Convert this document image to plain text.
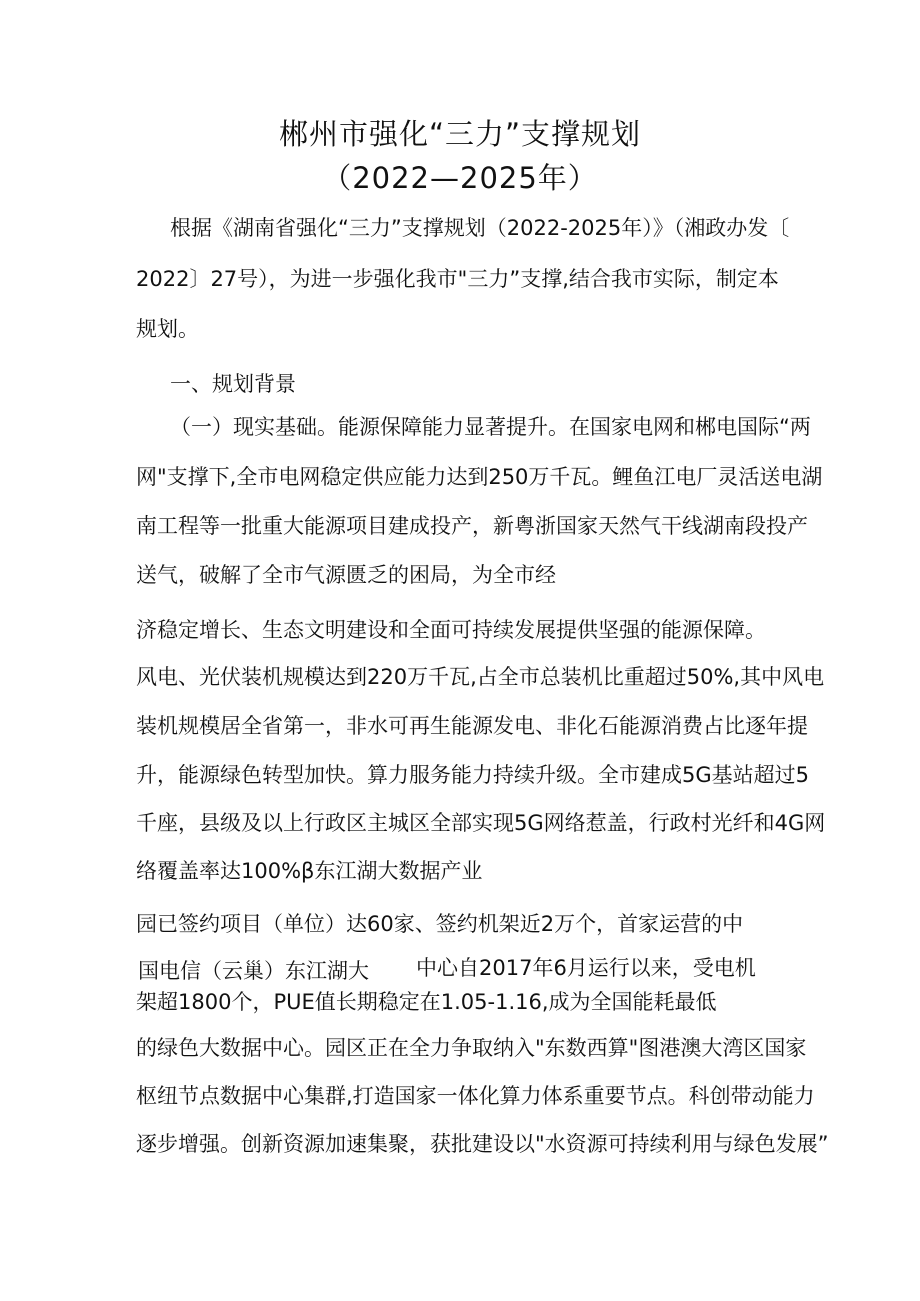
郴州市强化“三力”支撑规划
（2022—2025年）
根据《湖南省强化“三力”支撑规划（2022-2025年）》（湘政办发〔
2022〕27号），为进一步强化我市"三力”支撑,结合我市实际，制定本
规划。
一、规划背景
（一）现实基础。能源保障能力显著提升。在国家电网和郴电国际“两
网"支撑下,全市电网稳定供应能力达到250万千瓦。鲤鱼江电厂灵活送电湖
南工程等一批重大能源项目建成投产，新粤浙国家天然气干线湖南段投产
送气，破解了全市气源匮乏的困局，为全市经
济稳定增长、生态文明建设和全面可持续发展提供坚强的能源保障。
风电、光伏装机规模达到220万千瓦,占全市总装机比重超过50%,其中风电
装机规模居全省第一，非水可再生能源发电、非化石能源消费占比逐年提
升，能源绿色转型加快。算力服务能力持续升级。全市建成5G基站超过5
千座，县级及以上行政区主城区全部实现5G网络惹盖，行政村光纤和4G网
络覆盖率达100%β东江湖大数据产业
园已签约项目（单位）达60家、签约机架近2万个，首家运营的中
国电信（云巢）东江湖大 中心自2017年6月运行以来，受电机
架超1800个，PUE值长期稳定在1.05-1.16,成为全国能耗最低
的绿色大数据中心。园区正在全力争取纳入"东数西算"图港澳大湾区国家
枢纽节点数据中心集群,打造国家一体化算力体系重要节点。科创带动能力
逐步增强。创新资源加速集聚，获批建设以"水资源可持续利用与绿色发展”
